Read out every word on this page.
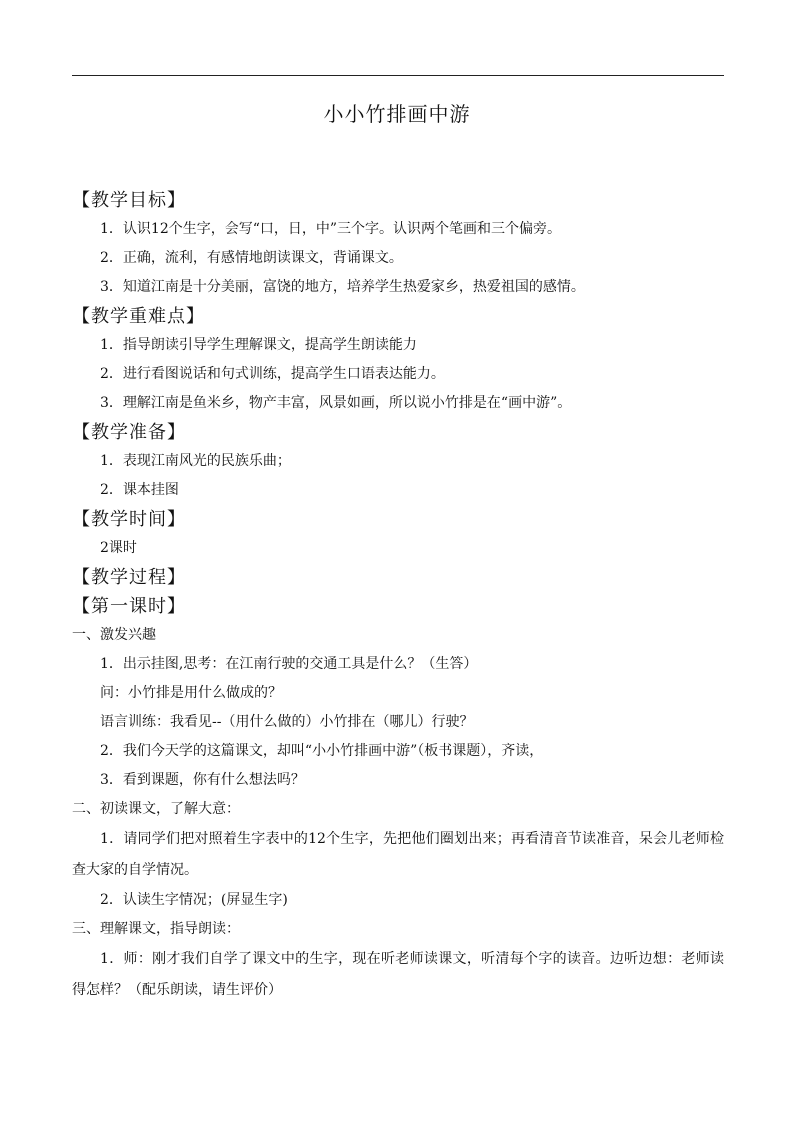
小小竹排画中游

【教学目标】

1．认识12个生字，会写“口，日，中”三个字。认识两个笔画和三个偏旁。

2．正确，流利，有感情地朗读课文，背诵课文。

3．知道江南是十分美丽，富饶的地方，培养学生热爱家乡，热爱祖国的感情。

【教学重难点】

1．指导朗读引导学生理解课文，提高学生朗读能力

2．进行看图说话和句式训练，提高学生口语表达能力。

3．理解江南是鱼米乡，物产丰富，风景如画，所以说小竹排是在“画中游”。

【教学准备】

1．表现江南风光的民族乐曲；

2．课本挂图

【教学时间】

2课时

【教学过程】

【第一课时】

一、激发兴趣

1．出示挂图,思考：在江南行驶的交通工具是什么？（生答）

问：小竹排是用什么做成的？

语言训练：我看见--（用什么做的）小竹排在（哪儿）行驶？

2．我们今天学的这篇课文，却叫“小小竹排画中游”（板书课题），齐读，

3．看到课题，你有什么想法吗？

二、初读课文，了解大意：

1．请同学们把对照着生字表中的12个生字，先把他们圈划出来；再看清音节读准音，呆会儿老师检查大家的自学情况。

2．认读生字情况；(屏显生字)

三、理解课文，指导朗读：

1．师：刚才我们自学了课文中的生字，现在听老师读课文，听清每个字的读音。边听边想：老师读得怎样？（配乐朗读，请生评价）
